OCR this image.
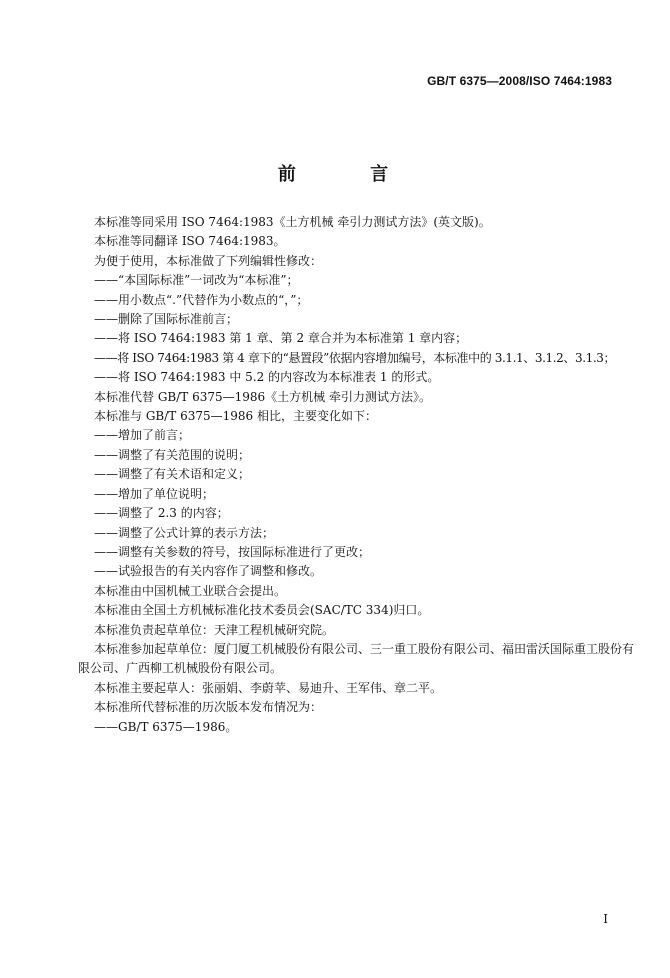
GB/T 6375—2008/ISO 7464:1983
前 言
本标准等同采用 ISO 7464:1983《土方机械 牵引力测试方法》(英文版)。
本标准等同翻译 ISO 7464:1983。
为便于使用，本标准做了下列编辑性修改：
——“本国际标准”一词改为“本标准”；
——用小数点“.”代替作为小数点的“，”；
——删除了国际标准前言；
——将 ISO 7464:1983 第 1 章、第 2 章合并为本标准第 1 章内容；
——将 ISO 7464:1983 第 4 章下的“悬置段”依据内容增加编号，本标准中的 3.1.1、3.1.2、3.1.3；
——将 ISO 7464:1983 中 5.2 的内容改为本标准表 1 的形式。
本标准代替 GB/T 6375—1986《土方机械 牵引力测试方法》。
本标准与 GB/T 6375—1986 相比，主要变化如下：
——增加了前言；
——调整了有关范围的说明；
——调整了有关术语和定义；
——增加了单位说明；
——调整了 2.3 的内容；
——调整了公式计算的表示方法；
——调整有关参数的符号，按国际标准进行了更改；
——试验报告的有关内容作了调整和修改。
本标准由中国机械工业联合会提出。
本标准由全国土方机械标准化技术委员会(SAC/TC 334)归口。
本标准负责起草单位：天津工程机械研究院。
本标准参加起草单位：厦门厦工机械股份有限公司、三一重工股份有限公司、福田雷沃国际重工股份有限公司、广西柳工机械股份有限公司。
本标准主要起草人：张丽娟、李蔚苹、易迪升、王军伟、章二平。
本标准所代替标准的历次版本发布情况为：
——GB/T 6375—1986。
I
